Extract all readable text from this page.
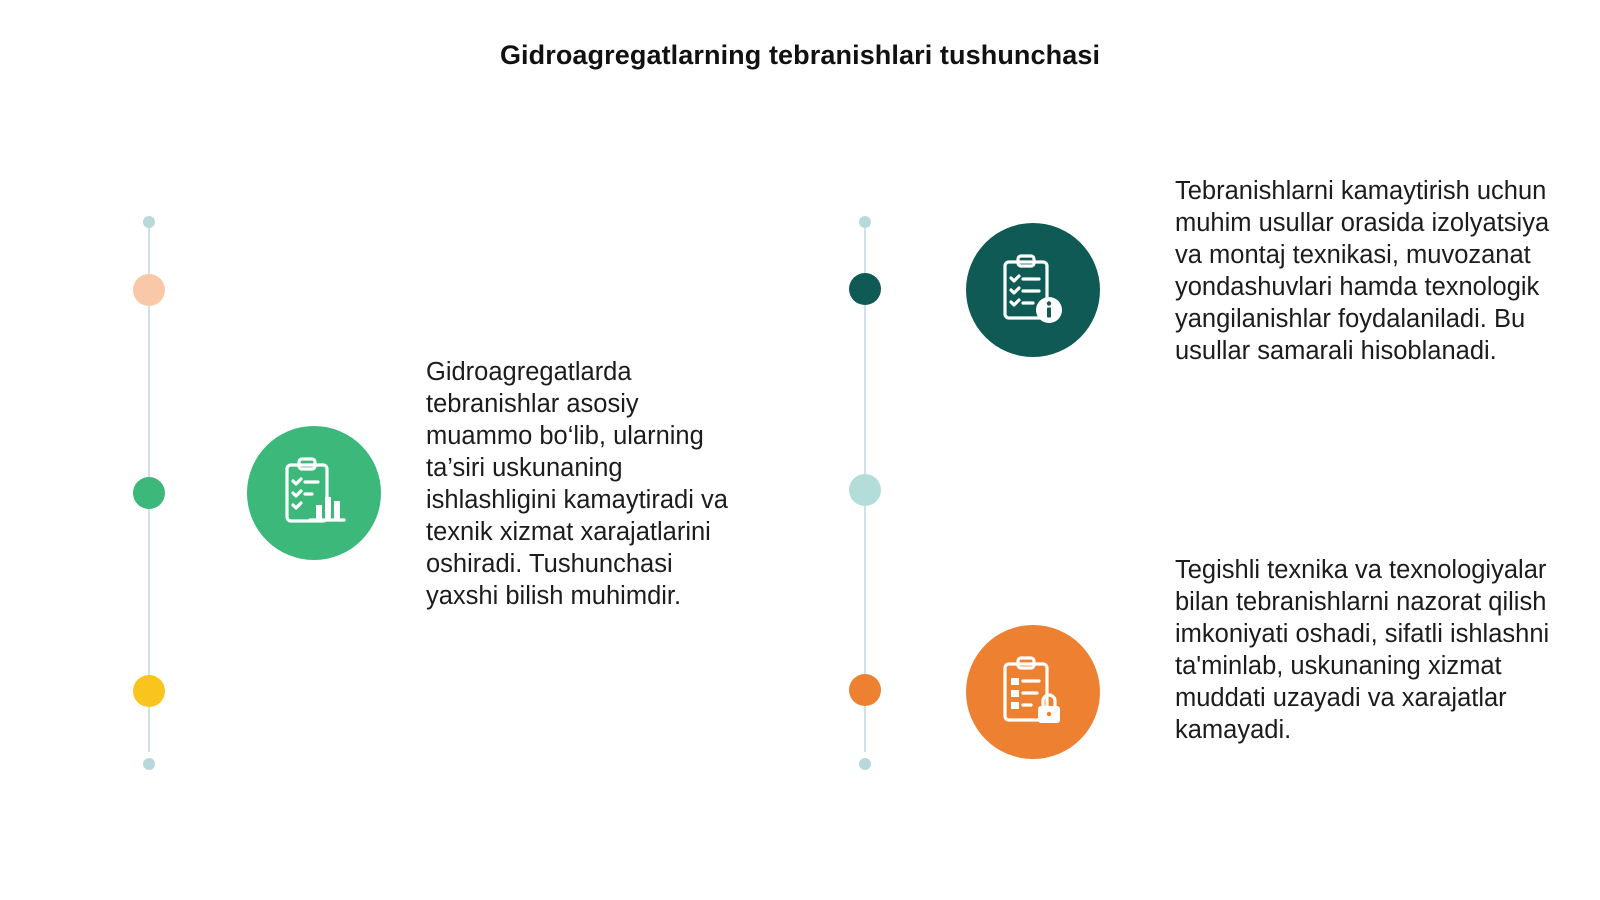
Gidroagregatlarning tebranishlari tushunchasi
Gidroagregatlarda tebranishlar asosiy muammo bo‘lib, ularning ta’siri uskunaning ishlashligini kamaytiradi va texnik xizmat xarajatlarini oshiradi. Tushunchasi yaxshi bilish muhimdir.
Tebranishlarni kamaytirish uchun muhim usullar orasida izolyatsiya va montaj texnikasi, muvozanat yondashuvlari hamda texnologik yangilanishlar foydalaniladi. Bu usullar samarali hisoblanadi.
Tegishli texnika va texnologiyalar bilan tebranishlarni nazorat qilish imkoniyati oshadi, sifatli ishlashni ta'minlab, uskunaning xizmat muddati uzayadi va xarajatlar kamayadi.
